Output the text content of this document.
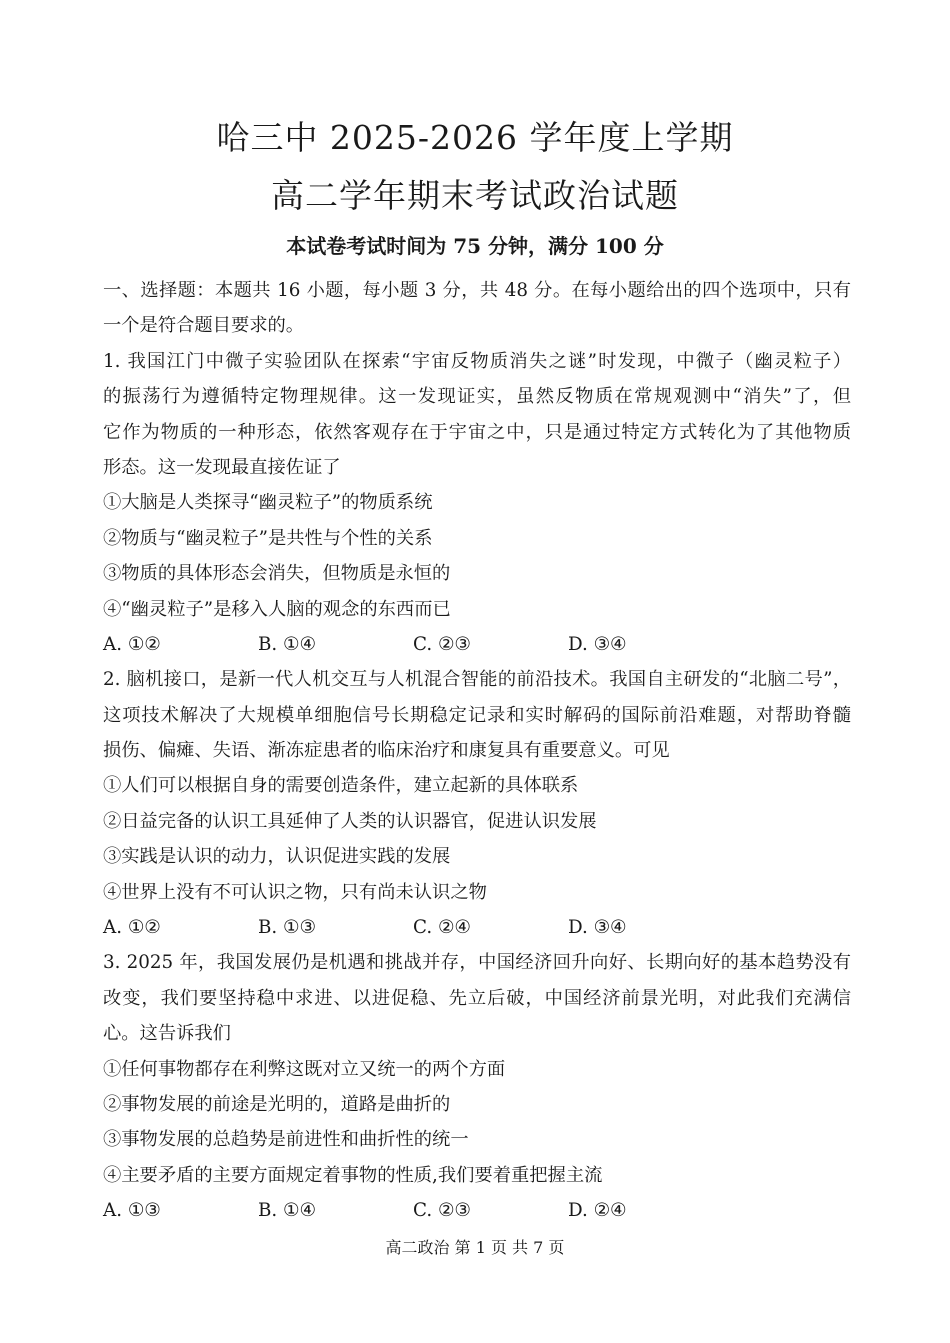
哈三中 2025-2026 学年度上学期
高二学年期末考试政治试题
本试卷考试时间为 75 分钟，满分 100 分
一、选择题：本题共 16 小题，每小题 3 分，共 48 分。在每小题给出的四个选项中，只有
一个是符合题目要求的。
1. 我国江门中微子实验团队在探索“宇宙反物质消失之谜”时发现，中微子（幽灵粒子）
的振荡行为遵循特定物理规律。这一发现证实，虽然反物质在常规观测中“消失”了，但
它作为物质的一种形态，依然客观存在于宇宙之中，只是通过特定方式转化为了其他物质
形态。这一发现最直接佐证了
①大脑是人类探寻“幽灵粒子”的物质系统
②物质与“幽灵粒子”是共性与个性的关系
③物质的具体形态会消失，但物质是永恒的
④“幽灵粒子”是移入人脑的观念的东西而已
A. ①②	B. ①④	C. ②③	D. ③④
2. 脑机接口，是新一代人机交互与人机混合智能的前沿技术。我国自主研发的“北脑二号”，
这项技术解决了大规模单细胞信号长期稳定记录和实时解码的国际前沿难题，对帮助脊髓
损伤、偏瘫、失语、渐冻症患者的临床治疗和康复具有重要意义。可见
①人们可以根据自身的需要创造条件，建立起新的具体联系
②日益完备的认识工具延伸了人类的认识器官，促进认识发展
③实践是认识的动力，认识促进实践的发展
④世界上没有不可认识之物，只有尚未认识之物
A. ①②	B. ①③	C. ②④	D. ③④
3. 2025 年，我国发展仍是机遇和挑战并存，中国经济回升向好、长期向好的基本趋势没有
改变，我们要坚持稳中求进、以进促稳、先立后破，中国经济前景光明，对此我们充满信
心。这告诉我们
①任何事物都存在利弊这既对立又统一的两个方面
②事物发展的前途是光明的，道路是曲折的
③事物发展的总趋势是前进性和曲折性的统一
④主要矛盾的主要方面规定着事物的性质,我们要着重把握主流
A. ①③	B. ①④	C. ②③	D. ②④
高二政治 第 1 页 共 7 页
